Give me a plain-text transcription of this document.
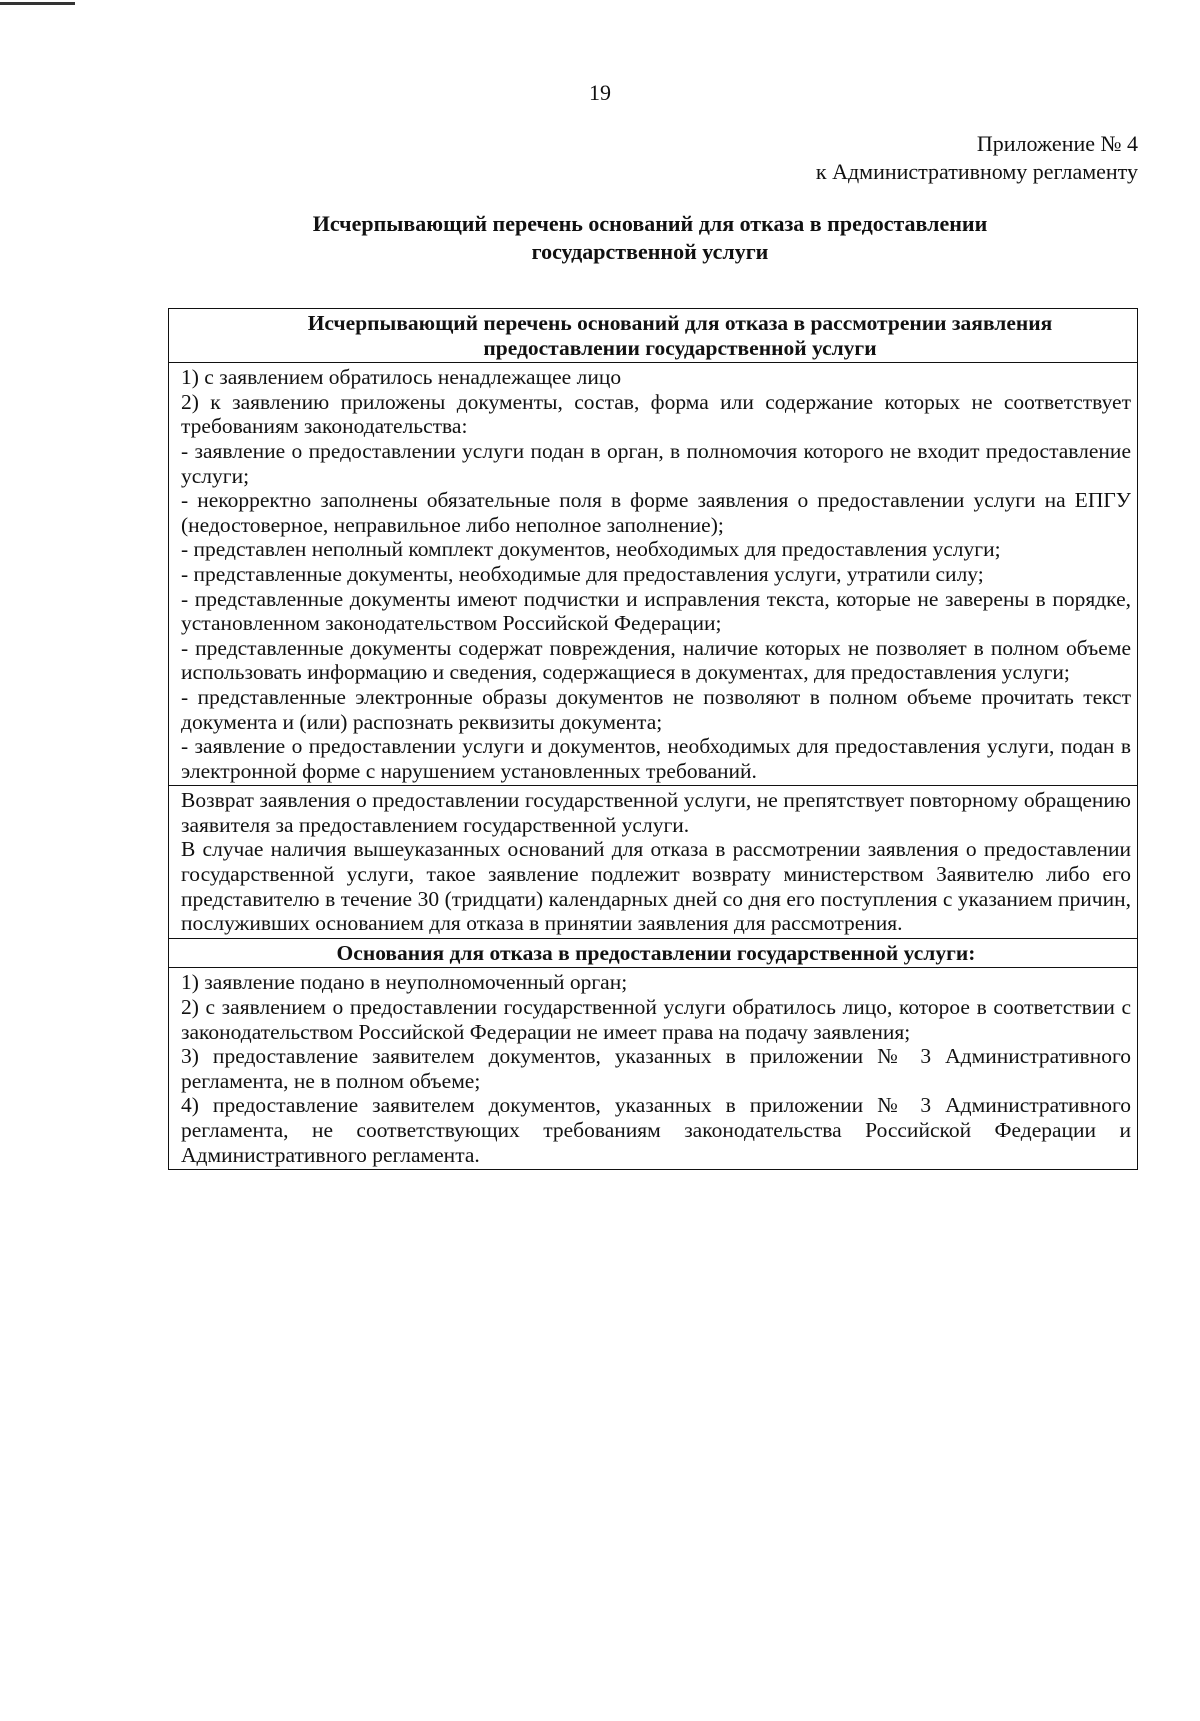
19
Приложение № 4
к Административному регламенту
Исчерпывающий перечень оснований для отказа в предоставлении
государственной услуги
Исчерпывающий перечень оснований для отказа в рассмотрении заявления
предоставлении государственной услуги

1) с заявлением обратилось ненадлежащее лицо
2) к заявлению приложены документы, состав, форма или содержание которых не соответствует требованиям законодательства:
- заявление о предоставлении услуги подан в орган, в полномочия которого не входит предоставление услуги;
- некорректно заполнены обязательные поля в форме заявления о предоставлении услуги на ЕПГУ (недостоверное, неправильное либо неполное заполнение);
- представлен неполный комплект документов, необходимых для предоставления услуги;
- представленные документы, необходимые для предоставления услуги, утратили силу;
- представленные документы имеют подчистки и исправления текста, которые не заверены в порядке, установленном законодательством Российской Федерации;
- представленные документы содержат повреждения, наличие которых не позволяет в полном объеме использовать информацию и сведения, содержащиеся в документах, для предоставления услуги;
- представленные электронные образы документов не позволяют в полном объеме прочитать текст документа и (или) распознать реквизиты документа;
- заявление о предоставлении услуги и документов, необходимых для предоставления услуги, подан в электронной форме с нарушением установленных требований.

Возврат заявления о предоставлении государственной услуги, не препятствует повторному обращению заявителя за предоставлением государственной услуги.
В случае наличия вышеуказанных оснований для отказа в рассмотрении заявления о предоставлении государственной услуги, такое заявление подлежит возврату министерством Заявителю либо его представителю в течение 30 (тридцати) календарных дней со дня его поступления с указанием причин, послуживших основанием для отказа в принятии заявления для рассмотрения.

Основания для отказа в предоставлении государственной услуги:

1) заявление подано в неуполномоченный орган;
2) с заявлением о предоставлении государственной услуги обратилось лицо, которое в соответствии с законодательством Российской Федерации не имеет права на подачу заявления;
3) предоставление заявителем документов, указанных в приложении № 3 Административного регламента, не в полном объеме;
4) предоставление заявителем документов, указанных в приложении № 3 Административного регламента, не соответствующих требованиям законодательства Российской Федерации и Административного регламента.
